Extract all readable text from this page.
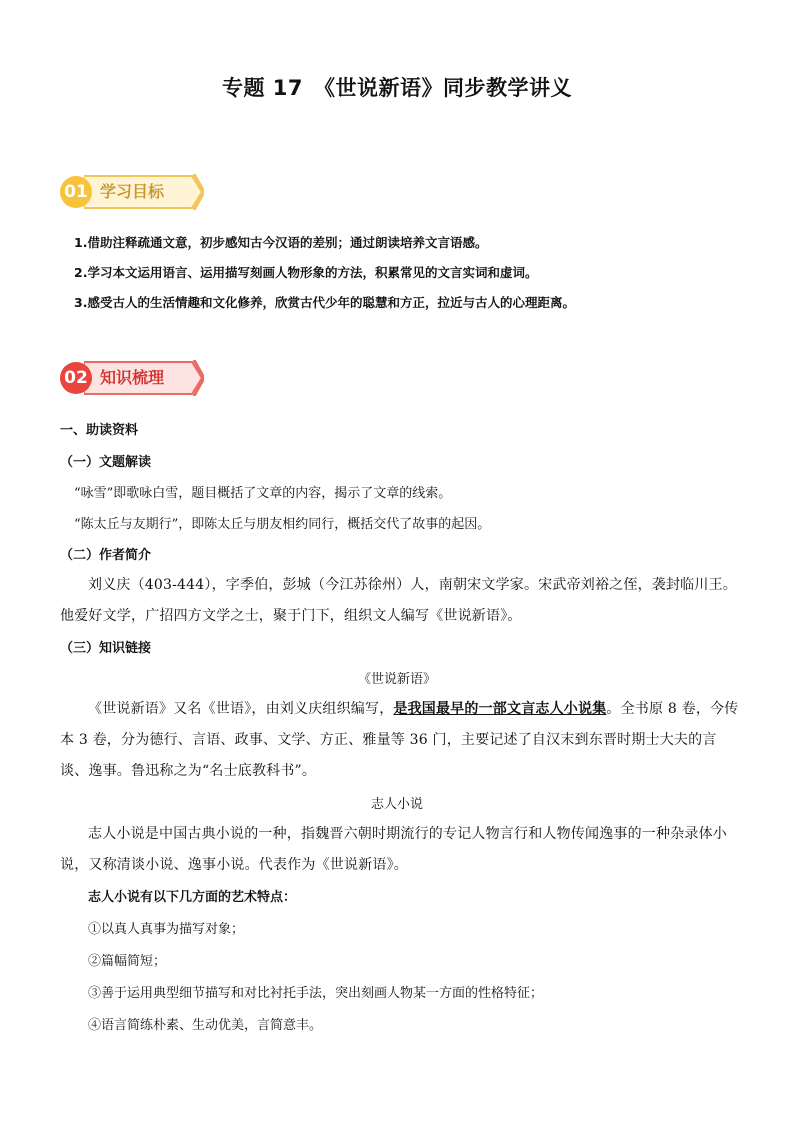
专题 17　《世说新语》同步教学讲义
01 学习目标
1.借助注释疏通文意，初步感知古今汉语的差别；通过朗读培养文言语感。
2.学习本文运用语言、运用描写刻画人物形象的方法，积累常见的文言实词和虚词。
3.感受古人的生活情趣和文化修养，欣赏古代少年的聪慧和方正，拉近与古人的心理距离。
02 知识梳理
一、助读资料
（一）文题解读
“咏雪”即歌咏白雪，题目概括了文章的内容，揭示了文章的线索。
“陈太丘与友期行”，即陈太丘与朋友相约同行，概括交代了故事的起因。
（二）作者简介
刘义庆（403-444），字季伯，彭城（今江苏徐州）人，南朝宋文学家。宋武帝刘裕之侄，袭封临川王。他爱好文学，广招四方文学之士，聚于门下，组织文人编写《世说新语》。
（三）知识链接
《世说新语》
《世说新语》又名《世语》，由刘义庆组织编写，是我国最早的一部文言志人小说集。全书原 8 卷，今传本 3 卷，分为德行、言语、政事、文学、方正、雅量等 36 门，主要记述了自汉末到东晋时期士大夫的言谈、逸事。鲁迅称之为“名士底教科书”。
志人小说
志人小说是中国古典小说的一种，指魏晋六朝时期流行的专记人物言行和人物传闻逸事的一种杂录体小说，又称清谈小说、逸事小说。代表作为《世说新语》。
志人小说有以下几方面的艺术特点：
①以真人真事为描写对象；
②篇幅简短；
③善于运用典型细节描写和对比衬托手法，突出刻画人物某一方面的性格特征；
④语言简练朴素、生动优美，言简意丰。
